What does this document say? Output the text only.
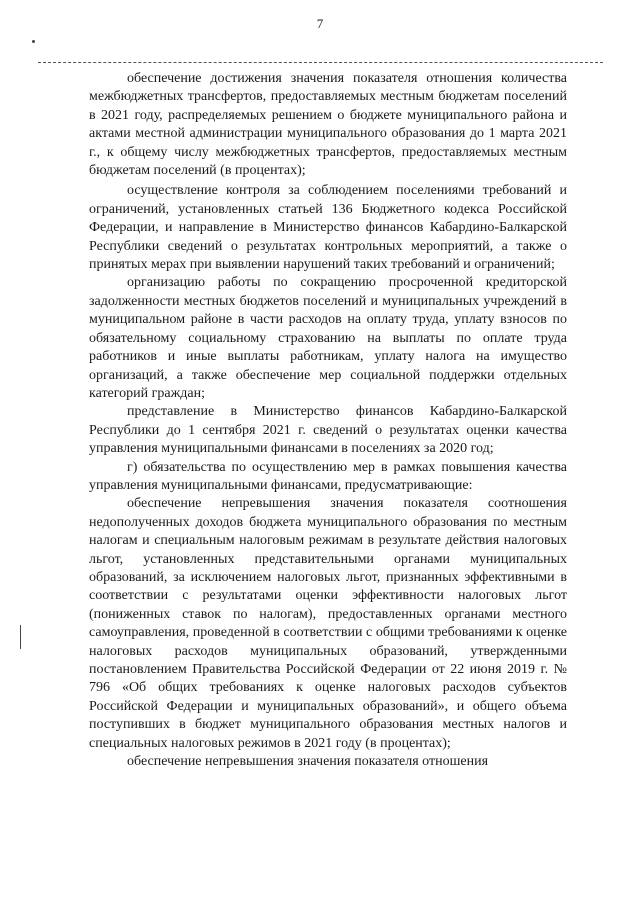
7

обеспечение достижения значения показателя отношения количества межбюджетных трансфертов, предоставляемых местным бюджетам поселений в 2021 году, распределяемых решением о бюджете муниципального района и актами местной администрации муниципального образования до 1 марта 2021 г., к общему числу межбюджетных трансфертов, предоставляемых местным бюджетам поселений (в процентах);

осуществление контроля за соблюдением поселениями требований и ограничений, установленных статьей 136 Бюджетного кодекса Российской Федерации, и направление в Министерство финансов Кабардино-Балкарской Республики сведений о результатах контрольных мероприятий, а также о принятых мерах при выявлении нарушений таких требований и ограничений;

организацию работы по сокращению просроченной кредиторской задолженности местных бюджетов поселений и муниципальных учреждений в муниципальном районе в части расходов на оплату труда, уплату взносов по обязательному социальному страхованию на выплаты по оплате труда работников и иные выплаты работникам, уплату налога на имущество организаций, а также обеспечение мер социальной поддержки отдельных категорий граждан;

представление в Министерство финансов Кабардино-Балкарской Республики до 1 сентября 2021 г. сведений о результатах оценки качества управления муниципальными финансами в поселениях за 2020 год;

г) обязательства по осуществлению мер в рамках повышения качества управления муниципальными финансами, предусматривающие:

обеспечение непревышения значения показателя соотношения недополученных доходов бюджета муниципального образования по местным налогам и специальным налоговым режимам в результате действия налоговых льгот, установленных представительными органами муниципальных образований, за исключением налоговых льгот, признанных эффективными в соответствии с результатами оценки эффективности налоговых льгот (пониженных ставок по налогам), предоставленных органами местного самоуправления, проведенной в соответствии с общими требованиями к оценке налоговых расходов муниципальных образований, утвержденными постановлением Правительства Российской Федерации от 22 июня 2019 г. № 796 «Об общих требованиях к оценке налоговых расходов субъектов Российской Федерации и муниципальных образований», и общего объема поступивших в бюджет муниципального образования местных налогов и специальных налоговых режимов в 2021 году (в процентах);

обеспечение непревышения значения показателя отношения
